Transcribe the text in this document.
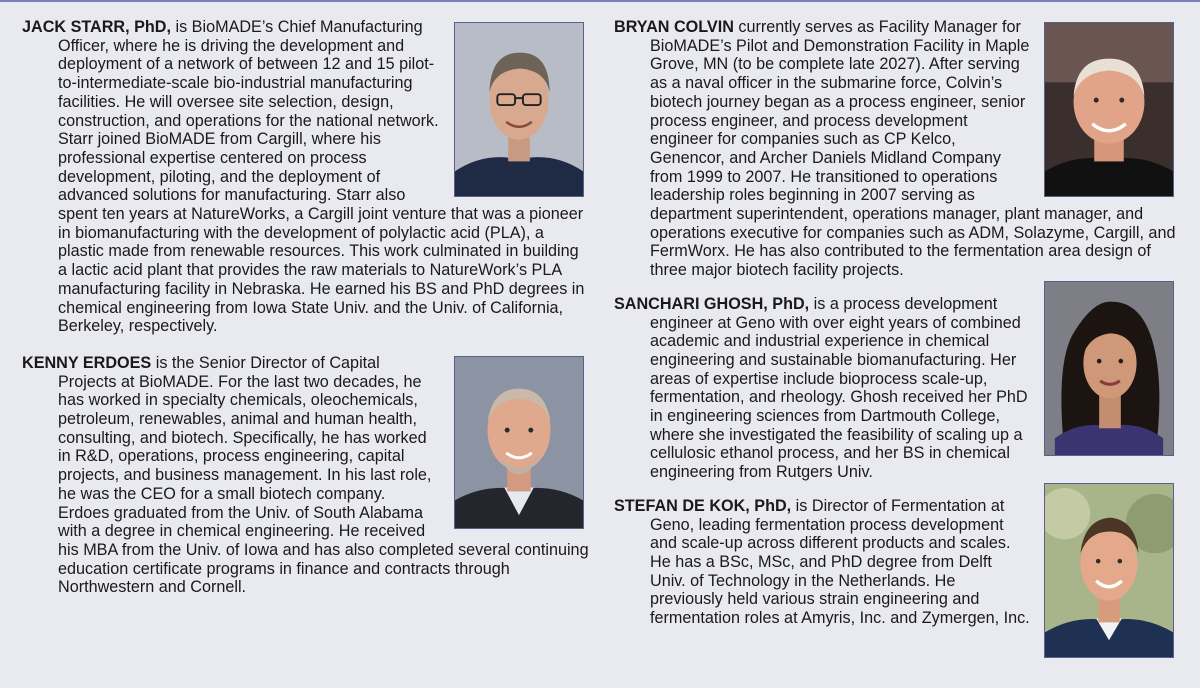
JACK STARR, PhD, is BioMADE’s Chief Manufacturing Officer, where he is driving the development and deployment of a network of between 12 and 15 pilot-to-intermediate-scale bio-industrial manufacturing facilities. He will oversee site selection, design, construction, and operations for the national network. Starr joined BioMADE from Cargill, where his professional expertise centered on process development, piloting, and the deployment of advanced solutions for manufacturing. Starr also spent ten years at NatureWorks, a Cargill joint venture that was a pioneer in biomanufacturing with the development of polylactic acid (PLA), a plastic made from renewable resources. This work culminated in building a lactic acid plant that provides the raw materials to NatureWork’s PLA manufacturing facility in Nebraska. He earned his BS and PhD degrees in chemical engineering from Iowa State Univ. and the Univ. of California, Berkeley, respectively.

KENNY ERDOES is the Senior Director of Capital Projects at BioMADE. For the last two decades, he has worked in specialty chemicals, oleochemicals, petroleum, renewables, animal and human health, consulting, and biotech. Specifically, he has worked in R&D, operations, process engineering, capital projects, and business management. In his last role, he was the CEO for a small biotech company. Erdoes graduated from the Univ. of South Alabama with a degree in chemical engineering. He received his MBA from the Univ. of Iowa and has also completed several continuing education certificate programs in finance and contracts through Northwestern and Cornell.

BRYAN COLVIN currently serves as Facility Manager for BioMADE’s Pilot and Demonstration Facility in Maple Grove, MN (to be complete late 2027). After serving as a naval officer in the submarine force, Colvin’s biotech journey began as a process engineer, senior process engineer, and process development engineer for companies such as CP Kelco, Genencor, and Archer Daniels Midland Company from 1999 to 2007. He transitioned to operations leadership roles beginning in 2007 serving as department superintendent, operations manager, plant manager, and operations executive for companies such as ADM, Solazyme, Cargill, and FermWorx. He has also contributed to the fermentation area design of three major biotech facility projects.

SANCHARI GHOSH, PhD, is a process development engineer at Geno with over eight years of combined academic and industrial experience in chemical engineering and sustainable biomanufacturing. Her areas of expertise include bioprocess scale-up, fermentation, and rheology. Ghosh received her PhD in engineering sciences from Dartmouth College, where she investigated the feasibility of scaling up a cellulosic ethanol process, and her BS in chemical engineering from Rutgers Univ.

STEFAN DE KOK, PhD, is Director of Fermentation at Geno, leading fermentation process development and scale-up across different products and scales. He has a BSc, MSc, and PhD degree from Delft Univ. of Technology in the Netherlands. He previously held various strain engineering and fermentation roles at Amyris, Inc. and Zymergen, Inc.
